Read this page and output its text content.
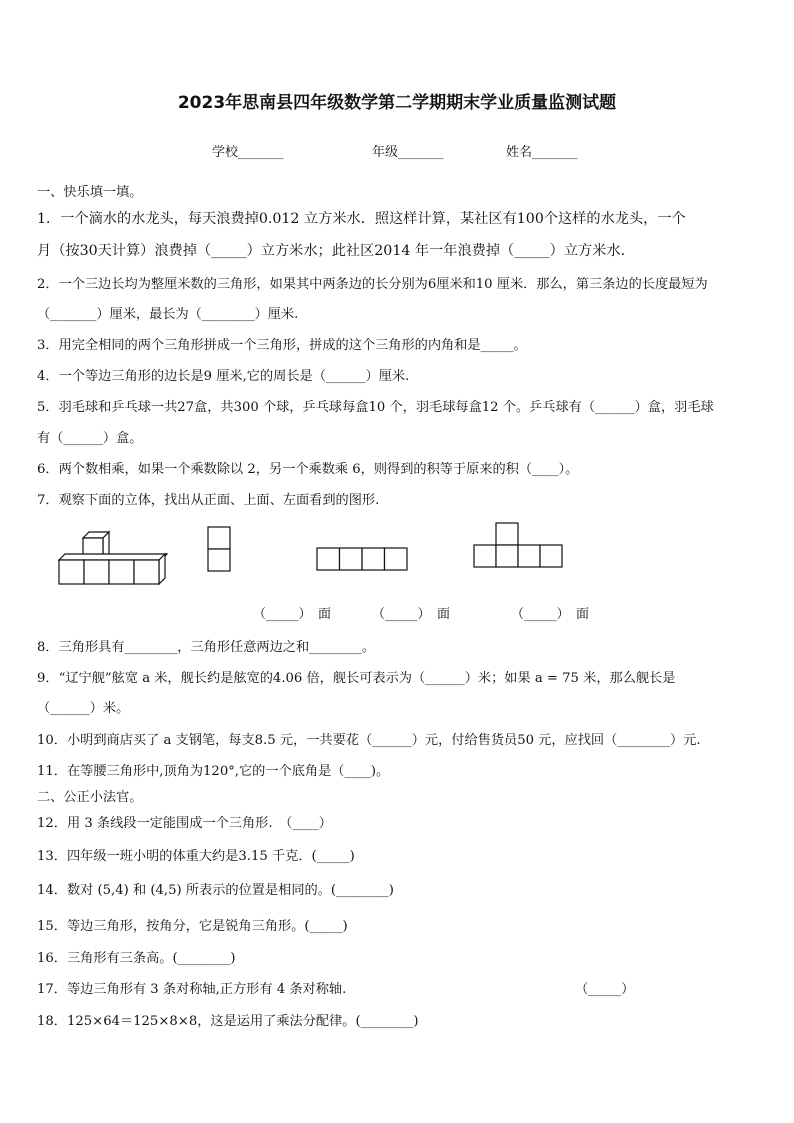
2023年思南县四年级数学第二学期期末学业质量监测试题
学校_______	年级_______	姓名_______
一、快乐填一填。
1．一个滴水的水龙头，每天浪费掉0.012 立方米水．照这样计算，某社区有100个这样的水龙头，一个
月（按30天计算）浪费掉（_____）立方米水；此社区2014 年一年浪费掉（_____）立方米水．
2．一个三边长均为整厘米数的三角形，如果其中两条边的长分别为6厘米和10 厘米．那么，第三条边的长度最短为
（_______）厘米，最长为（________）厘米.
3．用完全相同的两个三角形拼成一个三角形，拼成的这个三角形的内角和是_____。
4．一个等边三角形的边长是9 厘米,它的周长是（______）厘米.
5．羽毛球和乒乓球一共27盒，共300 个球，乒乓球每盒10 个，羽毛球每盒12 个。乒乓球有（______）盒，羽毛球
有（______）盒。
6．两个数相乘，如果一个乘数除以 2，另一个乘数乘 6，则得到的积等于原来的积（____）。
7．观察下面的立体，找出从正面、上面、左面看到的图形.
（_____）　面	（_____）　面	（_____）　面
8．三角形具有________，三角形任意两边之和________。
9．“辽宁舰”舷宽 a 米，舰长约是舷宽的4.06 倍，舰长可表示为（______）米；如果 a = 75 米，那么舰长是
（______）米。
10．小明到商店买了 a 支钢笔，每支8.5 元，一共要花（______）元，付给售货员50 元，应找回（________）元.
11．在等腰三角形中,顶角为120°,它的一个底角是（____)。
二、公正小法官。
12．用 3 条线段一定能围成一个三角形.　（____）
13．四年级一班小明的体重大约是3.15 千克．(_____)
14．数对 (5,4) 和 (4,5) 所表示的位置是相同的。(________)
15．等边三角形，按角分，它是锐角三角形。(_____)
16．三角形有三条高。(________)
17．等边三角形有 3 条对称轴,正方形有 4 条对称轴.	（_____）
18．125×64＝125×8×8，这是运用了乘法分配律。(________)
